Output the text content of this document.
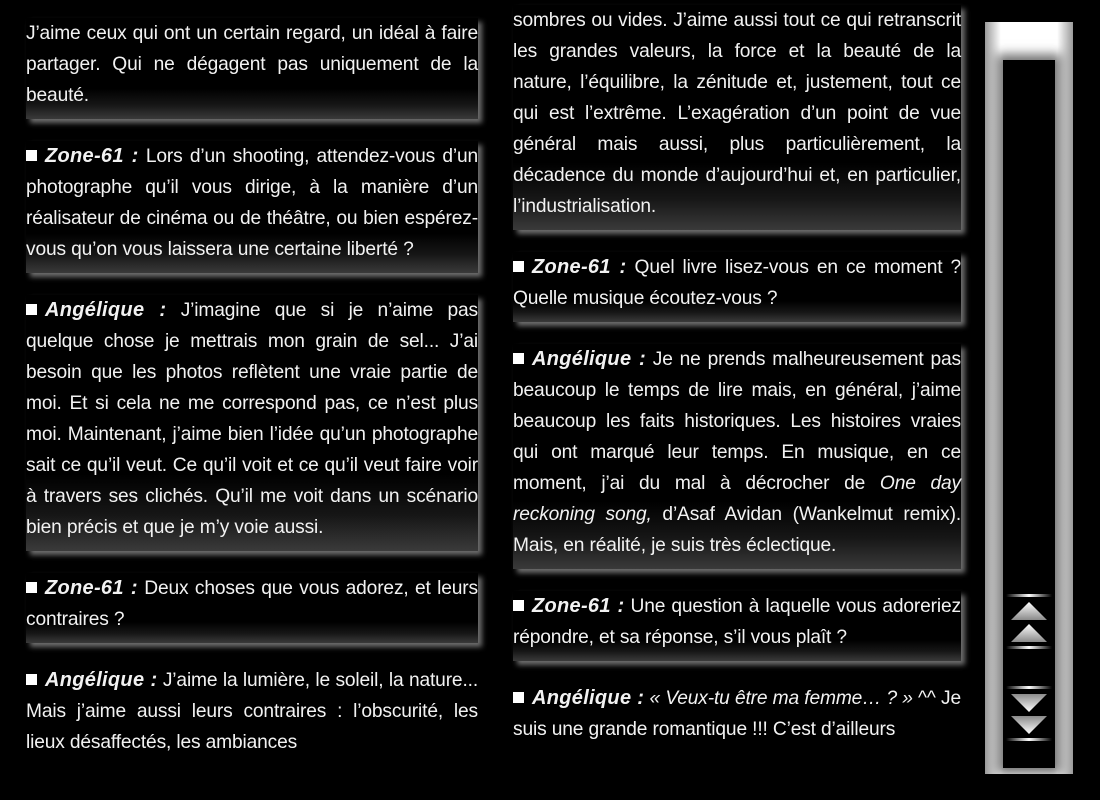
J’aime ceux qui ont un certain regard, un idéal à faire partager. Qui ne dégagent pas uniquement de la beauté.

Zone-61 : Lors d’un shooting, attendez-vous d’un photographe qu’il vous dirige, à la manière d’un réalisateur de cinéma ou de théâtre, ou bien espérez-vous qu’on vous laissera une certaine liberté ?

Angélique : J’imagine que si je n’aime pas quelque chose je mettrais mon grain de sel... J’ai besoin que les photos reflètent une vraie partie de moi. Et si cela ne me correspond pas, ce n’est plus moi. Maintenant, j’aime bien l’idée qu’un photographe sait ce qu’il veut. Ce qu’il voit et ce qu’il veut faire voir à travers ses clichés. Qu’il me voit dans un scénario bien précis et que je m’y voie aussi.

Zone-61 : Deux choses que vous adorez, et leurs contraires ?

Angélique : J’aime la lumière, le soleil, la nature... Mais j’aime aussi leurs contraires : l’obscurité, les lieux désaffectés, les ambiances

sombres ou vides. J’aime aussi tout ce qui retranscrit les grandes valeurs, la force et la beauté de la nature, l’équilibre, la zénitude et, justement, tout ce qui est l’extrême. L’exagération d’un point de vue général mais aussi, plus particulièrement, la décadence du monde d’aujourd’hui et, en particulier, l’industrialisation.

Zone-61 : Quel livre lisez-vous en ce moment ? Quelle musique écoutez-vous ?

Angélique : Je ne prends malheureusement pas beaucoup le temps de lire mais, en général, j’aime beaucoup les faits historiques. Les histoires vraies qui ont marqué leur temps. En musique, en ce moment, j’ai du mal à décrocher de One day reckoning song, d’Asaf Avidan (Wankelmut remix). Mais, en réalité, je suis très éclectique.

Zone-61 : Une question à laquelle vous adoreriez répondre, et sa réponse, s’il vous plaît ?

Angélique : « Veux-tu être ma femme… ? » ^^ Je suis une grande romantique !!! C’est d’ailleurs
